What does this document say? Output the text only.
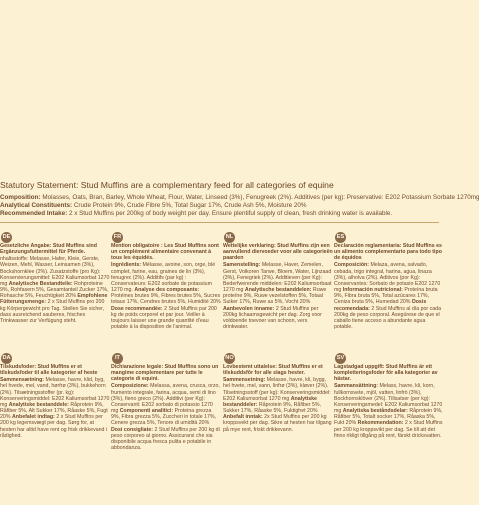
Statutory Statement: Stud Muffins are a complementary feed for all categories of equine
Composition: Molasses, Oats, Bran, Barley, Whole Wheat, Flour, Water, Linseed (3%), Fenugreek (2%). Additives (per kg): Preservative: E202 Potassium Sorbate 1270mg
Analytical Constituents: Crude Protein 9%, Crude Fibre 5%, Total Sugar 17%, Crude Ash 5%, Moisture 20%
Recommended Intake: 2 x Stud Muffins per 200kg of body weight per day. Ensure plentiful supply of clean, fresh drinking water is available.
DE
Gesetzliche Angabe: Stud Muffins sind Ergänzungsfuttermittel für Pferde.
nhaltsstoffe: Melasse, Hafer, Kleie, Gerste, Weizen, Mehl, Wasser, Leinsamen (3%), Bockshornklee (2%). Zusatzstoffe (pro Kg): Konservierungsmittel: E202 Kaliumsorbat 1270 mg Analytische Bestandteile: Rohproteine 9%, Rohfasern 5%, Gesamtanteil Zucker 17%, Rohasche 5%, Feuchtigkeit 20% Empfohlene Fütterungsmenge: 2 x Stud Muffins pro 200 kg Körpergewicht pro Tag. Stellen Sie sicher, dass ausreichend sauberes, frisches Trinkwasser zur Verfügung steht.
FR
Mention obligatoire : Les Stud Muffins sont un complément alimentaire convenant à tous les équidés.
Ingrédients: Mélasse, avoine, son, orge, blé complet, farine, eau, graines de lin (3%), fenugrec (2%). Additifs (par kg) : Conservateurs: E202 sorbate de potassium 1270 mg. Analyse des composants: Protéines brutes 9%, Fibres brutes 5%, Sucres totaux 17%, Cendres brutes 5%, Humidité 20% Dose recommandée: 2 Stud Muffins par 200 kg de poids corporel et par jour. Veiller à toujours laisser une grande quantité d'eau potable à la disposition de l'animal.
NL
Wettelijke verklaring: Stud Muffins zijn een aanvullend diervoeder voor alle categorieën paarden
Samenstelling: Melasse, Haver, Zemelen, Gerst, Volkoren Tarwe, Bloem, Water, Lijnzaad (3%), Fenegriek (2%). Additieven (per Kg): Bederfwerende middelen: E202 Kaliumsorbaat 1270 mg Analytische bestanddelen: Ruwe proteïne 9%, Ruwe vezelstoffen 5%, Totaal Suiker 17%, Ruwe as 5%, Vocht 20% Aanbevolen inname: 2 Stud Muffins per 200kg lichaamsgewicht per dag. Zorg voor voldoende toevoer van schoon, vers drinkwater.
ES
Declaración reglamentaria: Stud Muffins es un alimento complementario para todo tipo de équidos
Composición: Melaza, avena, salvado, cebada, trigo integral, harina, agua, linaza (3%), alholva (2%). Aditivos (por Kg): Conservantes: Sorbato de potasio E202 1270 mg Información nutricional: Proteína bruta 9%, Fibra bruta 5%, Total azúcares 17%, Ceniza bruta 5%, Humedad 20% Dosis recomendada: 2 Stud Muffins al día por cada 200kg de peso corporal. Asegúrese de que el caballo tiene acceso a abundante agua potable.
DA
Tilskudsfoder: Stud Muffins er et tilskudsfoder til alle kategorier af heste
Sammensætning: Melasse, havre, klid, byg, hel hvede, mel, vand, hørfrø (3%), bukkehorn (2%). Tilsætningsstoffer (pr. kg): Konserveringsmiddel: E202 Kaliumsorbat 1270 mg Analytiske bestanddele: Råprotein 9%, Råfiber 5%, Alt Sukker 17%, Råaske 5%, Fugt 20% Anbefalet indtag: 2 x Stud Muffins per 200 kg legemsvægt per dag. Sørg for, at hesten har altid have rent og frisk drikkevand i rådighed.
IT
Dichiarazione legale: Stud Muffins sono un mangime complementare per tutte le categorie di equini.
Composizione: Melassa, avena, crusca, orzo, frumento integrale, farina, acqua, semi di lino (3%), fieno greco (2%). Additivi (per Kg): Conservanti: E202 sorbato di potassio 1270 mg Componenti analitici: Proteina grezza 9%, Fibra grezza 5%, Zuccheri in totale 17%, Cenere grezza 5%, Tenore di umidità 20% Dosi consigliate: 2 Stud Muffins per 200 kg di peso corporeo al giorno. Assicurarsi che sia disponibile acqua fresca pulita e potabile in abbondanza.
NO
Lovbestemt uttalelse: Stud Muffins er et tilskuddsfôr for alle slags hester.
Sammensetning: Melasse, havre, kli, bygg, hel hvete, mel, vann, linfrø (3%), kløver (2%). Tilsetningsstoff (per kg): Konserveringsmiddel: E202 Kaliumsorbat 1270 mg Analytiske bestanddeler: Råprotein 9%, Råfiber 5%, Sukker 17%, Råaske 5%, Fuktighet 20% Anbefalt inntak: 2x Stud Muffins per 200 kg kroppsvekt per dag. Sikre at hesten har tilgang på mye rent, friskt drikkevann.
SV
Lagstadgad uppgift: Stud Muffins är ett kompletteringsfoder för alla kategorier av hästar.
Sammansättning: Melass, havre, kli, korn, fullkornsvete, mjöl, vatten, linfrö (3%), Bockhornsklöver (2%). Tillsatser (per kg): Konserveringsmedel: E202 Kaliumsorbat 1270 mg Analytiska beståndsdelar: Råprotein 9%, Råfiber 5%, Totalt socker 17%, Råaska 5%, Fukt 20% Rekommendation: 2 x Stud Muffins per 200 kg kroppsvikt per dag. Se till att det finns rikligt tillgång på rent, färskt dricksvatten.
